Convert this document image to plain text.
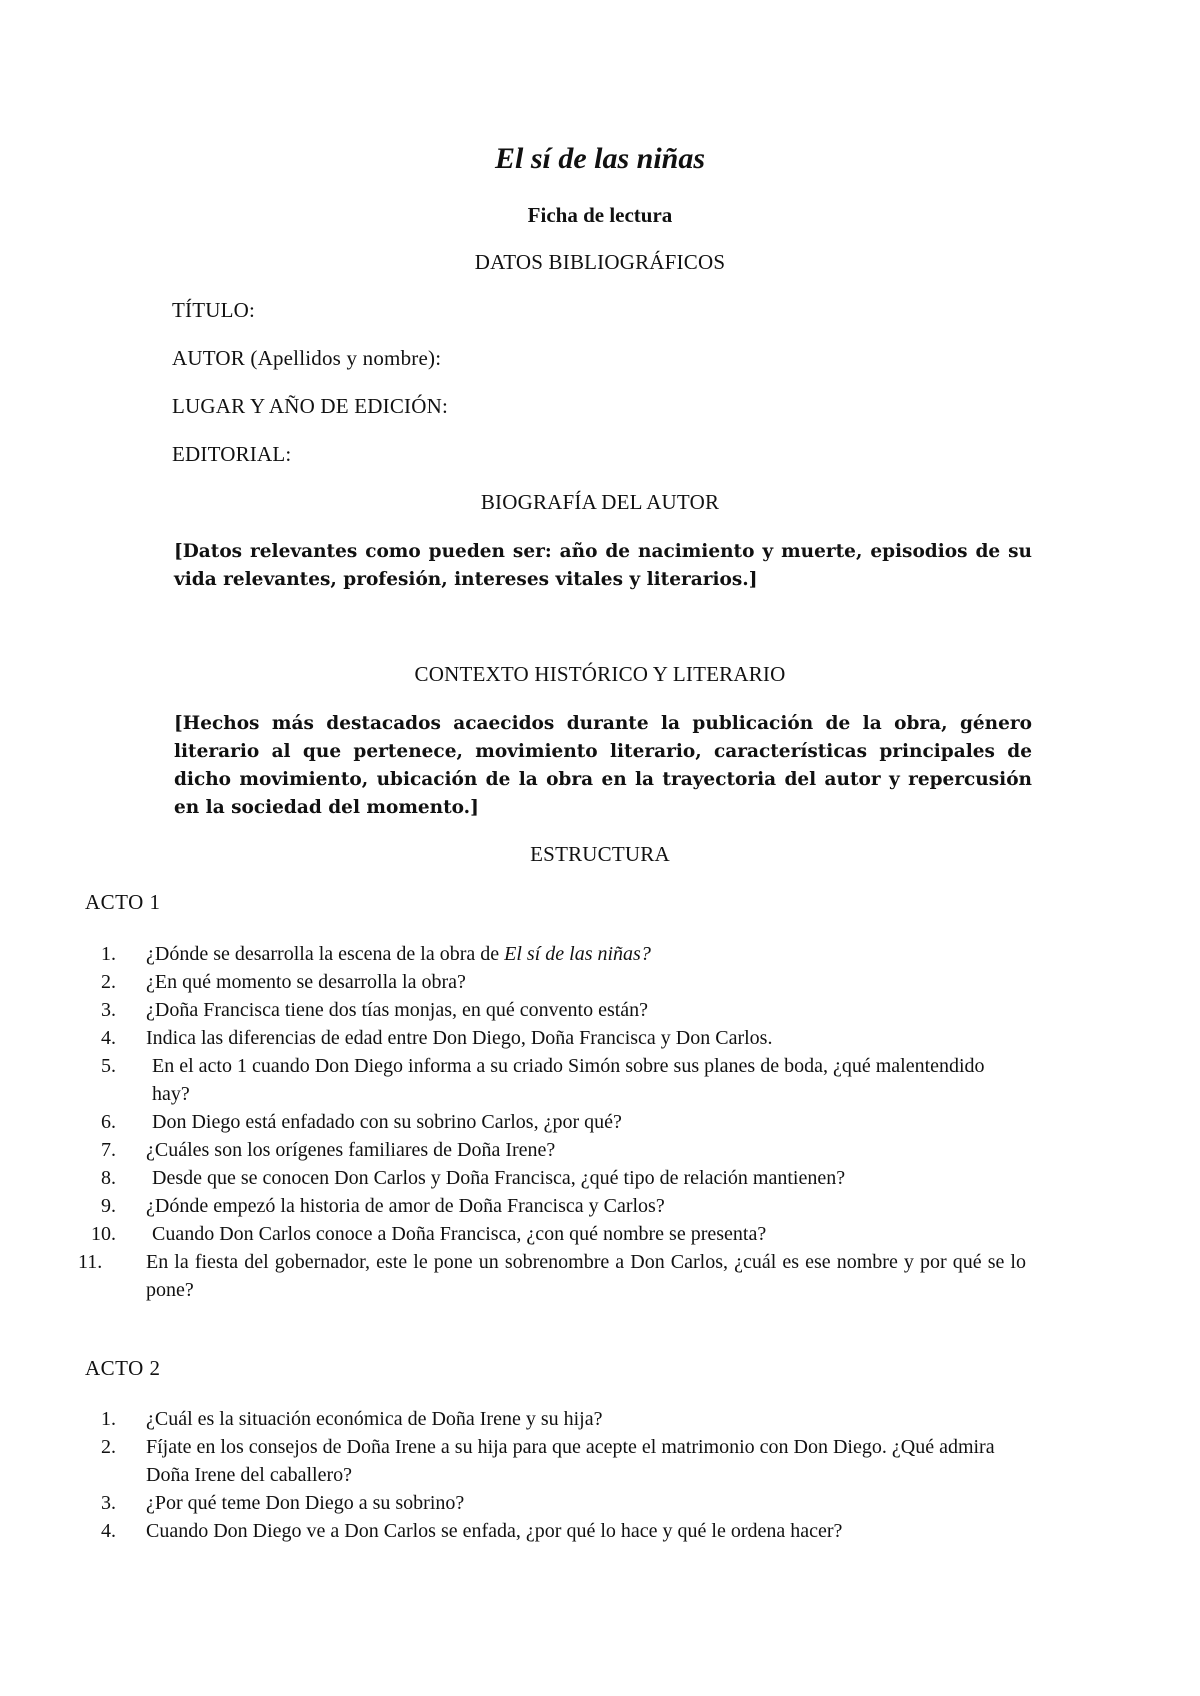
El sí de las niñas
Ficha de lectura
DATOS BIBLIOGRÁFICOS
TÍTULO:
AUTOR (Apellidos y nombre):
LUGAR Y AÑO DE EDICIÓN:
EDITORIAL:
BIOGRAFÍA DEL AUTOR
[Datos relevantes como pueden ser: año de nacimiento y muerte, episodios de su vida relevantes, profesión, intereses vitales y literarios.]
CONTEXTO HISTÓRICO Y LITERARIO
[Hechos más destacados acaecidos durante la publicación de la obra, género literario al que pertenece, movimiento literario, características principales de dicho movimiento, ubicación de la obra en la trayectoria del autor y repercusión en la sociedad del momento.]
ESTRUCTURA
ACTO 1
1. ¿Dónde se desarrolla la escena de la obra de El sí de las niñas?
2. ¿En qué momento se desarrolla la obra?
3. ¿Doña Francisca tiene dos tías monjas, en qué convento están?
4. Indica las diferencias de edad entre Don Diego, Doña Francisca y Don Carlos.
5. En el acto 1 cuando Don Diego informa a su criado Simón sobre sus planes de boda, ¿qué malentendido hay?
6. Don Diego está enfadado con su sobrino Carlos, ¿por qué?
7. ¿Cuáles son los orígenes familiares de Doña Irene?
8. Desde que se conocen Don Carlos y Doña Francisca, ¿qué tipo de relación mantienen?
9. ¿Dónde empezó la historia de amor de Doña Francisca y Carlos?
10. Cuando Don Carlos conoce a Doña Francisca, ¿con qué nombre se presenta?
11.	En la fiesta del gobernador, este le pone un sobrenombre a Don Carlos, ¿cuál es ese nombre y por qué se lo pone?
ACTO 2
1. ¿Cuál es la situación económica de Doña Irene y su hija?
2. Fíjate en los consejos de Doña Irene a su hija para que acepte el matrimonio con Don Diego. ¿Qué admira Doña Irene del caballero?
3. ¿Por qué teme Don Diego a su sobrino?
4. Cuando Don Diego ve a Don Carlos se enfada, ¿por qué lo hace y qué le ordena hacer?
